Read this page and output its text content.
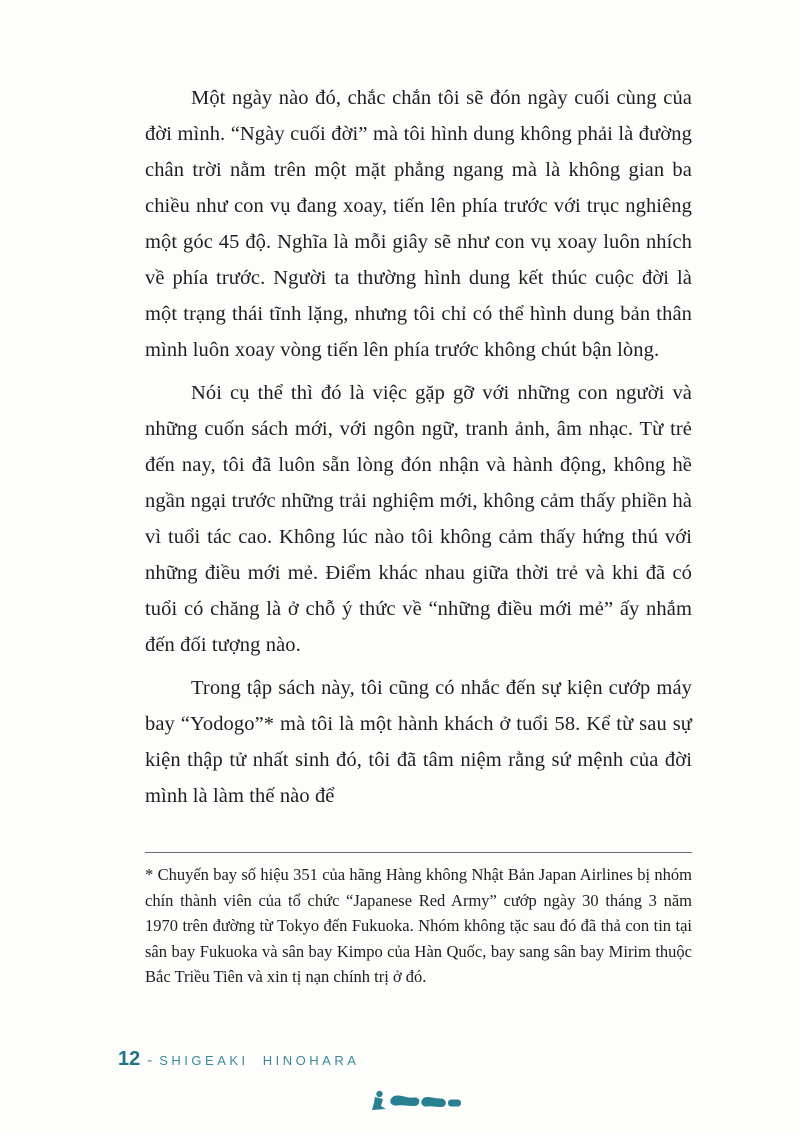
Một ngày nào đó, chắc chắn tôi sẽ đón ngày cuối cùng của đời mình. “Ngày cuối đời” mà tôi hình dung không phải là đường chân trời nằm trên một mặt phẳng ngang mà là không gian ba chiều như con vụ đang xoay, tiến lên phía trước với trục nghiêng một góc 45 độ. Nghĩa là mỗi giây sẽ như con vụ xoay luôn nhích về phía trước. Người ta thường hình dung kết thúc cuộc đời là một trạng thái tĩnh lặng, nhưng tôi chỉ có thể hình dung bản thân mình luôn xoay vòng tiến lên phía trước không chút bận lòng.

Nói cụ thể thì đó là việc gặp gỡ với những con người và những cuốn sách mới, với ngôn ngữ, tranh ảnh, âm nhạc. Từ trẻ đến nay, tôi đã luôn sẵn lòng đón nhận và hành động, không hề ngần ngại trước những trải nghiệm mới, không cảm thấy phiền hà vì tuổi tác cao. Không lúc nào tôi không cảm thấy hứng thú với những điều mới mẻ. Điểm khác nhau giữa thời trẻ và khi đã có tuổi có chăng là ở chỗ ý thức về “những điều mới mẻ” ấy nhắm đến đối tượng nào.

Trong tập sách này, tôi cũng có nhắc đến sự kiện cướp máy bay “Yodogo”* mà tôi là một hành khách ở tuổi 58. Kể từ sau sự kiện thập tử nhất sinh đó, tôi đã tâm niệm rằng sứ mệnh của đời mình là làm thế nào để

* Chuyến bay số hiệu 351 của hãng Hàng không Nhật Bản Japan Airlines bị nhóm chín thành viên của tổ chức “Japanese Red Army” cướp ngày 30 tháng 3 năm 1970 trên đường từ Tokyo đến Fukuoka. Nhóm không tặc sau đó đã thả con tin tại sân bay Fukuoka và sân bay Kimpo của Hàn Quốc, bay sang sân bay Mirim thuộc Bắc Triều Tiên và xin tị nạn chính trị ở đó.

12 - SHIGEAKI HINOHARA
